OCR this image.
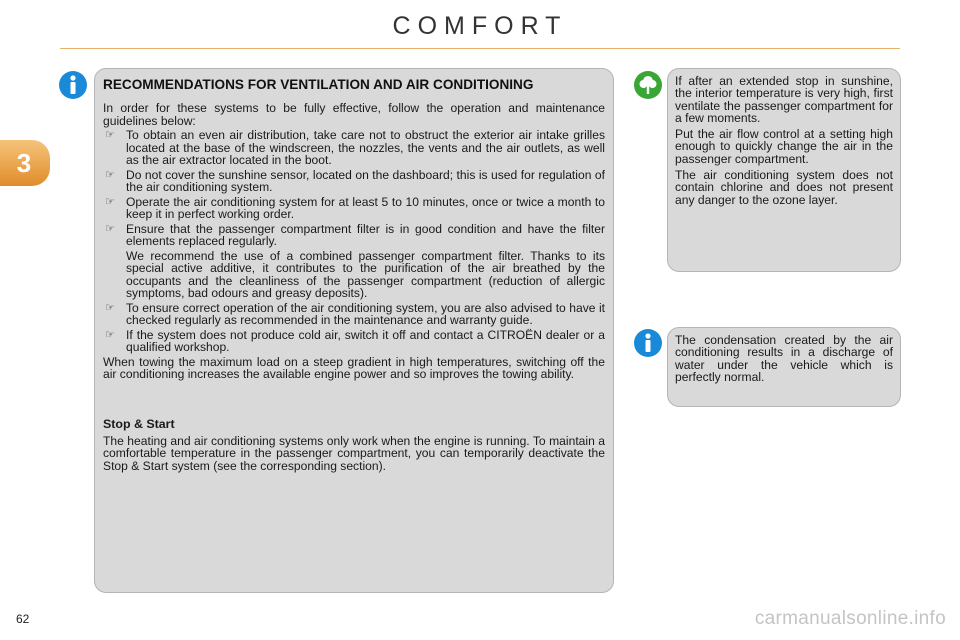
COMFORT
3
RECOMMENDATIONS FOR VENTILATION AND AIR CONDITIONING

In order for these systems to be fully effective, follow the operation and maintenance guidelines below:

☞ To obtain an even air distribution, take care not to obstruct the exterior air intake grilles located at the base of the windscreen, the nozzles, the vents and the air outlets, as well as the air extractor located in the boot.
☞ Do not cover the sunshine sensor, located on the dashboard; this is used for regulation of the air conditioning system.
☞ Operate the air conditioning system for at least 5 to 10 minutes, once or twice a month to keep it in perfect working order.
☞ Ensure that the passenger compartment filter is in good condition and have the filter elements replaced regularly.
We recommend the use of a combined passenger compartment filter. Thanks to its special active additive, it contributes to the purification of the air breathed by the occupants and the cleanliness of the passenger compartment (reduction of allergic symptoms, bad odours and greasy deposits).
☞ To ensure correct operation of the air conditioning system, you are also advised to have it checked regularly as recommended in the maintenance and warranty guide.
☞ If the system does not produce cold air, switch it off and contact a CITROËN dealer or a qualified workshop.

When towing the maximum load on a steep gradient in high temperatures, switching off the air conditioning increases the available engine power and so improves the towing ability.

Stop & Start

The heating and air conditioning systems only work when the engine is running. To maintain a comfortable temperature in the passenger compartment, you can temporarily deactivate the Stop & Start system (see the corresponding section).

If after an extended stop in sunshine, the interior temperature is very high, first ventilate the passenger compartment for a few moments.

Put the air flow control at a setting high enough to quickly change the air in the passenger compartment.

The air conditioning system does not contain chlorine and does not present any danger to the ozone layer.

The condensation created by the air conditioning results in a discharge of water under the vehicle which is perfectly normal.

62	carmanualsonline.info
